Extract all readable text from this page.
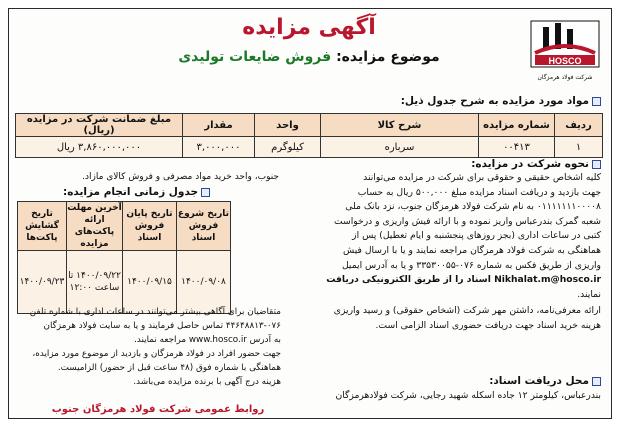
HOSCO
شرکت فولاد هرمزگان
آگهی مزایده
موضوع مزایده: فروش ضایعات تولیدی
مواد مورد مزایده به شرح جدول ذیل:
ردیف	شماره مزایده	شرح کالا	واحد	مقدار	مبلغ ضمانت شرکت در مزایده (ریال)
۱	۰۰۴۱۳	سرباره	کیلوگرم	۳,۰۰۰,۰۰۰	۳,۸۶۰,۰۰۰,۰۰۰ ریال
نحوه شرکت در مزایده:
کلیه اشخاص حقیقی و حقوقی برای شرکت در مزایده می‌توانند
جهت بازدید و دریافت اسناد مزایده مبلغ ۵۰۰,۰۰۰ ریال به حساب
۰۱۱۱۱۱۱۱۰۰۰۰۸ به نام شرکت فولاد هرمزگان جنوب، نزد بانک ملی
شعبه گمرک بندرعباس واریز نموده و با ارائه فیش واریزی و درخواست
کتبی در ساعات اداری (بجز روزهای پنجشنبه و ایام تعطیل) پس از
هماهنگی به شرکت فولاد هرمزگان مراجعه نمایند و یا با ارسال فیش
واریزی از طریق فکس به شماره ۰۷۶-۳۳۵۳۰۰۵۵ و یا به آدرس ایمیل
Nikhalat.m@hosco.ir اسناد را از طریق الکترونیکی دریافت
نمایند.
ارائه معرفی‌نامه، داشتن مهر شرکت (اشخاص حقوقی) و رسید واریزی
هزینه خرید اسناد جهت دریافت حضوری اسناد الزامی است.
جنوب، واحد خرید مواد مصرفی و فروش کالای مازاد.
جدول زمانی انجام مزایده:
تاریخ شروع فروش اسناد	تاریخ پایان فروش اسناد	آخرین مهلت ارائه پاکت‌های مزایده	تاریخ گشایش پاکت‌ها
۱۴۰۰/۰۹/۰۸	۱۴۰۰/۰۹/۱۵	۱۴۰۰/۰۹/۲۲ تا ساعت ۱۲:۰۰	۱۴۰۰/۰۹/۲۳
متقاضیان برای آگاهی بیشتر می‌توانند در ساعات اداری با شماره تلفن
۴۴۶۴۸۸۱۳-۰۷۶ تماس حاصل فرمایند و یا به سایت فولاد هرمزگان
به آدرس www.hosco.ir مراجعه نمایند.
جهت حضور افراد در فولاد هرمزگان و بازدید از موضوع مورد مزایده،
هماهنگی با شماره فوق (۴۸ ساعت قبل از حضور) الزامیست.
هزینه درج آگهی با برنده مزایده می‌باشد.	محل دریافت اسناد:
بندرعباس، کیلومتر ۱۲ جاده اسکله شهید رجایی، شرکت فولادهرمزگان
روابط عمومی شرکت فولاد هرمزگان جنوب
